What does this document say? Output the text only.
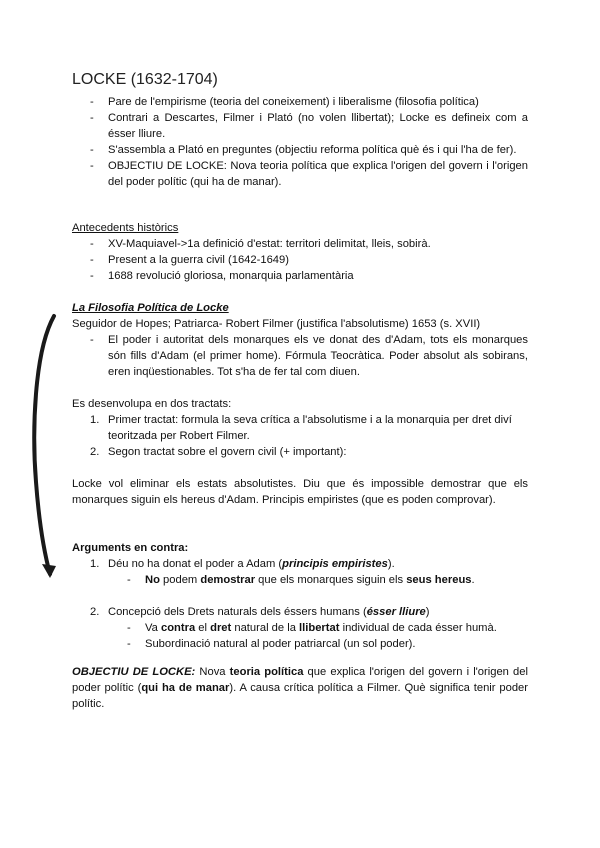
LOCKE (1632-1704)
- Pare de l'empirisme (teoria del coneixement) i liberalisme (filosofia política)
- Contrari a Descartes, Filmer i Plató (no volen llibertat); Locke es defineix com a ésser lliure.
- S'assembla a Plató en preguntes (objectiu reforma política què és i qui l'ha de fer).
- OBJECTIU DE LOCKE: Nova teoria política que explica l'origen del govern i l'origen del poder polític (qui ha de manar).
Antecedents històrics
- XV-Maquiavel->1a definició d'estat: territori delimitat, lleis, sobirà.
- Present a la guerra civil (1642-1649)
- 1688 revolució gloriosa, monarquia parlamentària
La Filosofia Política de Locke
Seguidor de Hopes; Patriarca- Robert Filmer (justifica l'absolutisme) 1653 (s. XVII)
- El poder i autoritat dels monarques els ve donat des d'Adam, tots els monarques són fills d'Adam (el primer home). Fórmula Teocràtica. Poder absolut als sobirans, eren inqüestionables. Tot s'ha de fer tal com diuen.
Es desenvolupa en dos tractats:
1. Primer tractat: formula la seva crítica a l'absolutisme i a la monarquia per dret diví teoritzada per Robert Filmer.
2. Segon tractat sobre el govern civil (+ important):
Locke vol eliminar els estats absolutistes. Diu que és impossible demostrar que els monarques siguin els hereus d'Adam. Principis empiristes (que es poden comprovar).
Arguments en contra:
1. Déu no ha donat el poder a Adam (principis empiristes).
- No podem demostrar que els monarques siguin els seus hereus.
2. Concepció dels Drets naturals dels éssers humans (ésser lliure)
- Va contra el dret natural de la llibertat individual de cada ésser humà.
- Subordinació natural al poder patriarcal (un sol poder).
OBJECTIU DE LOCKE: Nova teoria política que explica l'origen del govern i l'origen del poder polític (qui ha de manar). A causa crítica política a Filmer. Què significa tenir poder polític.
